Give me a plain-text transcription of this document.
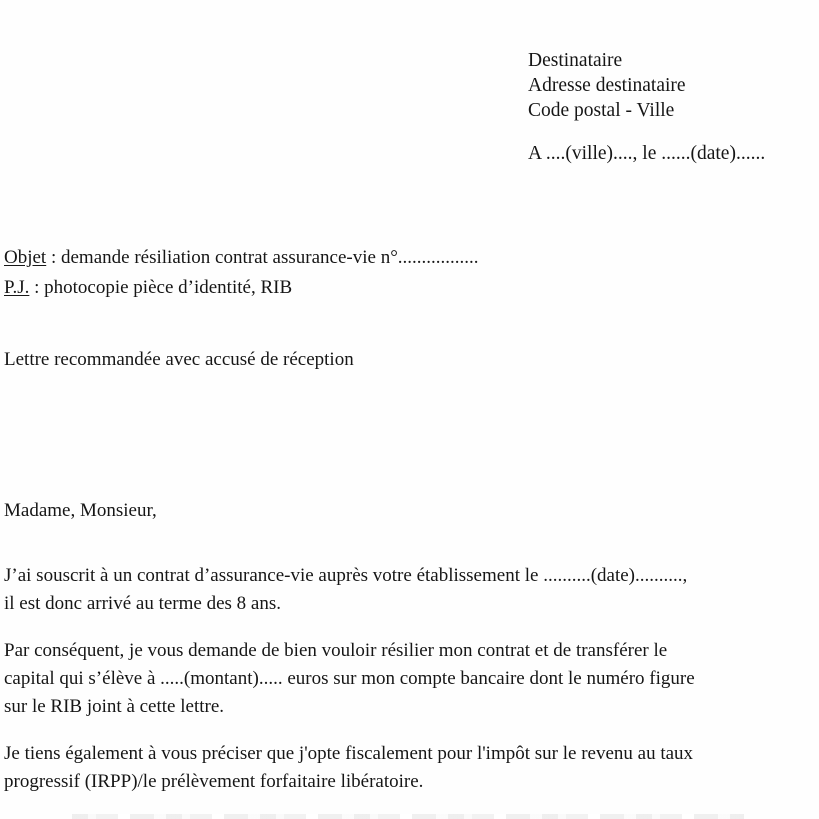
Destinataire
Adresse destinataire
Code postal - Ville
A ....(ville)...., le ......(date)......
Objet : demande résiliation contrat assurance-vie n°.................
P.J. : photocopie pièce d’identité, RIB
Lettre recommandée avec accusé de réception
Madame, Monsieur,
J’ai souscrit à un contrat d’assurance-vie auprès votre établissement le ..........(date)..........,
il est donc arrivé au terme des 8 ans.
Par conséquent, je vous demande de bien vouloir résilier mon contrat et de transférer le
capital qui s’élève à .....(montant)..... euros sur mon compte bancaire dont le numéro figure
sur le RIB joint à cette lettre.
Je tiens également à vous préciser que j'opte fiscalement pour l'impôt sur le revenu au taux
progressif (IRPP)/le prélèvement forfaitaire libératoire.
